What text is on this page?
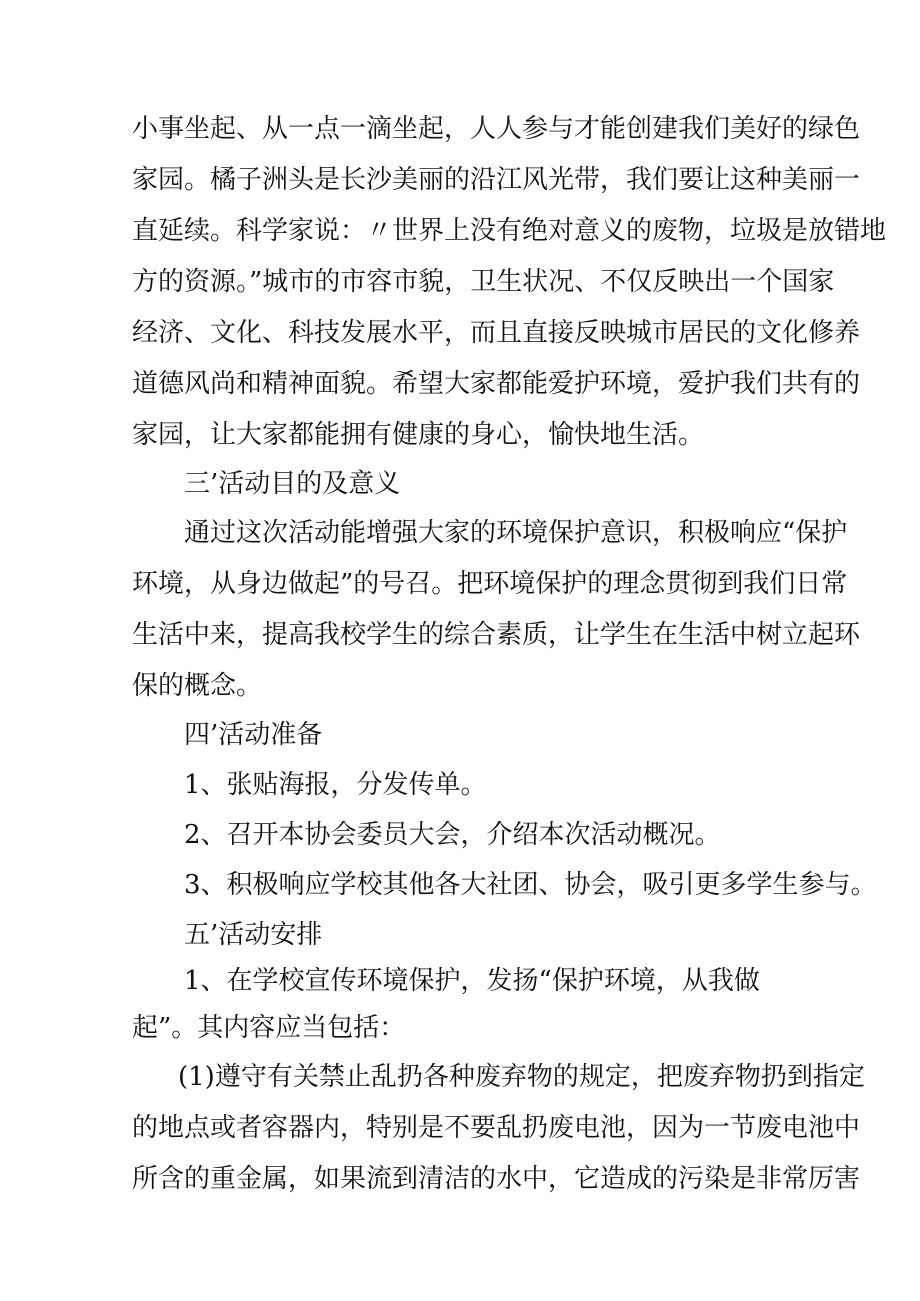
小事坐起、从一点一滴坐起，人人参与才能创建我们美好的绿色
家园。橘子洲头是长沙美丽的沿江风光带，我们要让这种美丽一
直延续。科学家说：〃世界上没有绝对意义的废物，垃圾是放错地
方的资源。”城市的市容市貌，卫生状况、不仅反映出一个国家
经济、文化、科技发展水平，而且直接反映城市居民的文化修养
道德风尚和精神面貌。希望大家都能爱护环境，爱护我们共有的
家园，让大家都能拥有健康的身心，愉快地生活。
三’活动目的及意义
通过这次活动能增强大家的环境保护意识，积极响应“保护
环境，从身边做起”的号召。把环境保护的理念贯彻到我们日常
生活中来，提高我校学生的综合素质，让学生在生活中树立起环
保的概念。
四’活动准备
1、张贴海报，分发传单。
2、召开本协会委员大会，介绍本次活动概况。
3、积极响应学校其他各大社团、协会，吸引更多学生参与。
五’活动安排
1、在学校宣传环境保护，发扬“保护环境，从我做
起”。其内容应当包括：
(1)遵守有关禁止乱扔各种废弃物的规定，把废弃物扔到指定
的地点或者容器内，特别是不要乱扔废电池，因为一节废电池中
所含的重金属，如果流到清洁的水中，它造成的污染是非常厉害
